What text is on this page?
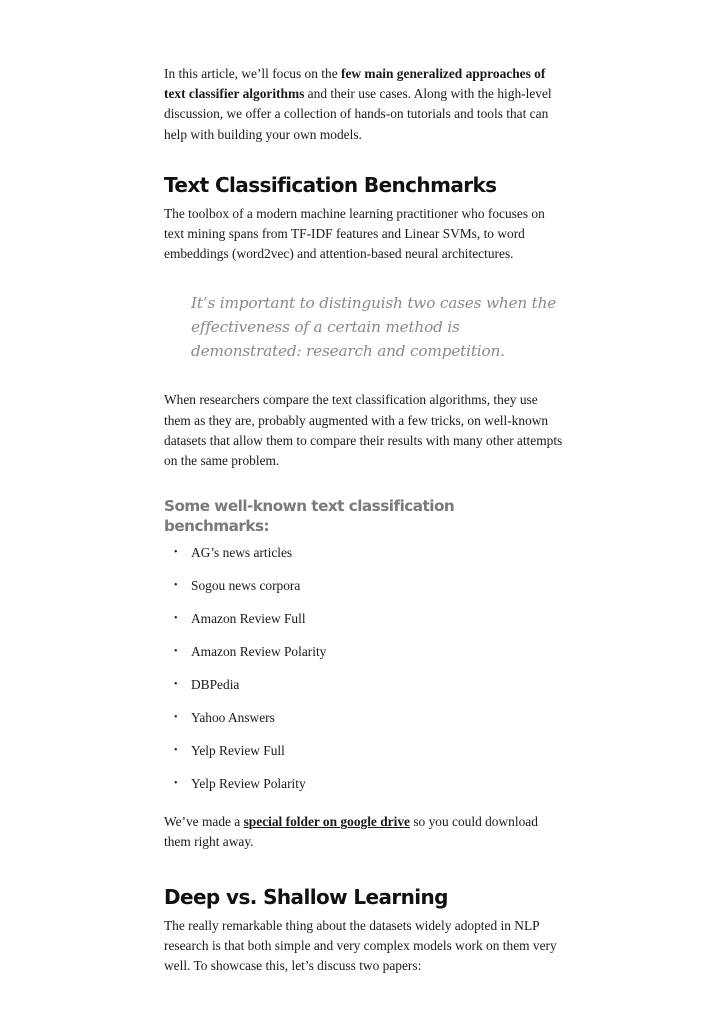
In this article, we’ll focus on the few main generalized approaches of text classifier algorithms and their use cases. Along with the high-level discussion, we offer a collection of hands-on tutorials and tools that can help with building your own models.

Text Classification Benchmarks

The toolbox of a modern machine learning practitioner who focuses on text mining spans from TF-IDF features and Linear SVMs, to word embeddings (word2vec) and attention-based neural architectures.

It’s important to distinguish two cases when the effectiveness of a certain method is demonstrated: research and competition.

When researchers compare the text classification algorithms, they use them as they are, probably augmented with a few tricks, on well-known datasets that allow them to compare their results with many other attempts on the same problem.

Some well-known text classification benchmarks:
• AG’s news articles
• Sogou news corpora
• Amazon Review Full
• Amazon Review Polarity
• DBPedia
• Yahoo Answers
• Yelp Review Full
• Yelp Review Polarity

We’ve made a special folder on google drive so you could download them right away.

Deep vs. Shallow Learning

The really remarkable thing about the datasets widely adopted in NLP research is that both simple and very complex models work on them very well. To showcase this, let’s discuss two papers:
